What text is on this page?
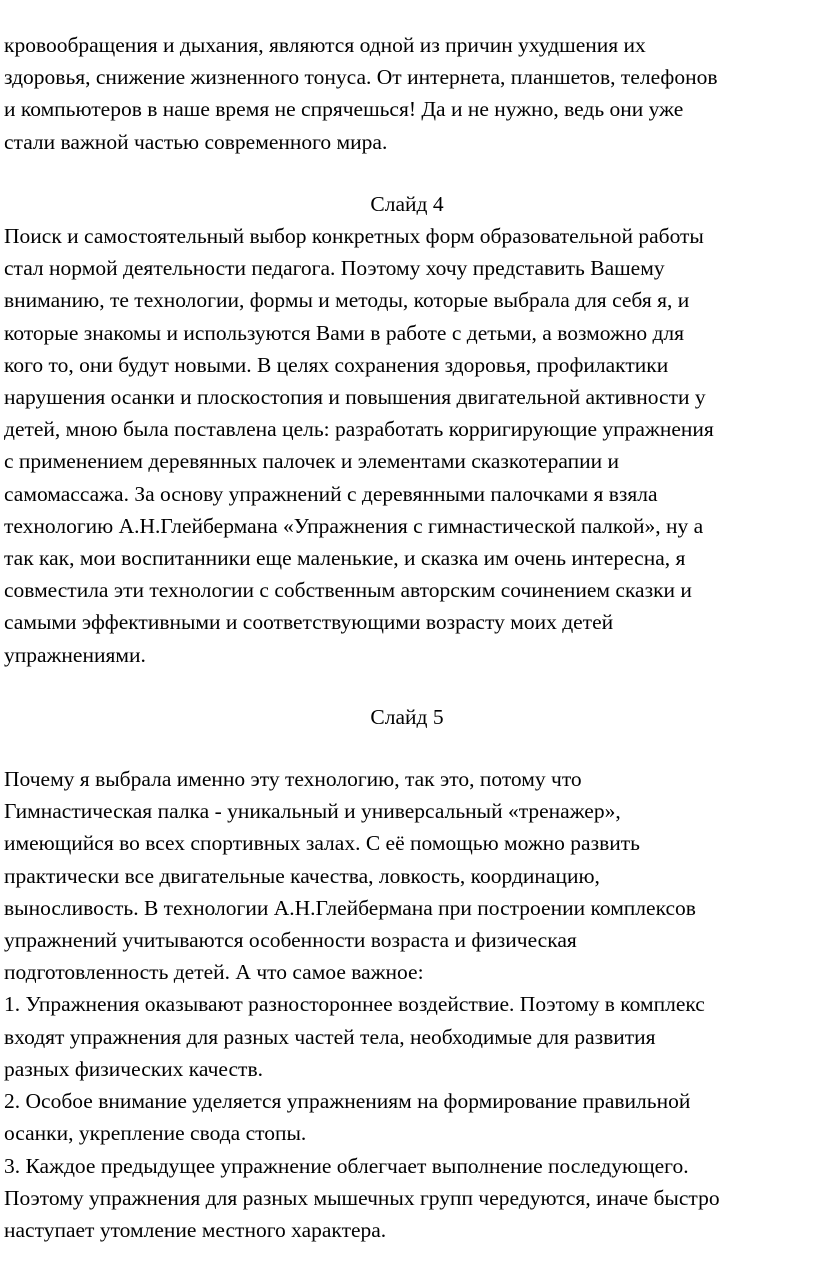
кровообращения и дыхания, являются одной из причин ухудшения их
здоровья, снижение жизненного тонуса. От интернета, планшетов, телефонов
и компьютеров в наше время не спрячешься! Да и не нужно, ведь они уже
стали важной частью современного мира.
Слайд 4
Поиск и самостоятельный выбор конкретных форм образовательной работы
стал нормой деятельности педагога. Поэтому хочу представить Вашему
вниманию, те технологии, формы и методы, которые выбрала для себя я, и
которые знакомы и используются Вами в работе с детьми, а возможно для
кого то, они будут новыми. В целях сохранения здоровья, профилактики
нарушения осанки и плоскостопия и повышения двигательной активности у
детей, мною была поставлена цель: разработать корригирующие упражнения
с применением деревянных палочек и элементами сказкотерапии и
самомассажа. За основу упражнений с деревянными палочками я взяла
технологию А.Н.Глейбермана «Упражнения с гимнастической палкой», ну а
так как, мои воспитанники еще маленькие, и сказка им очень интересна, я
совместила эти технологии с собственным авторским сочинением сказки и
самыми эффективными и соответствующими возрасту моих детей
упражнениями.
Слайд 5
Почему я выбрала именно эту технологию, так это, потому что
Гимнастическая палка - уникальный и универсальный «тренажер»,
имеющийся во всех спортивных залах. С её помощью можно развить
практически все двигательные качества, ловкость, координацию,
выносливость. В технологии А.Н.Глейбермана при построении комплексов
упражнений учитываются особенности возраста и физическая
подготовленность детей. А что самое важное:
1. Упражнения оказывают разностороннее воздействие. Поэтому в комплекс
входят упражнения для разных частей тела, необходимые для развития
разных физических качеств.
2. Особое внимание уделяется упражнениям на формирование правильной
осанки, укрепление свода стопы.
3. Каждое предыдущее упражнение облегчает выполнение последующего.
Поэтому упражнения для разных мышечных групп чередуются, иначе быстро
наступает утомление местного характера.
